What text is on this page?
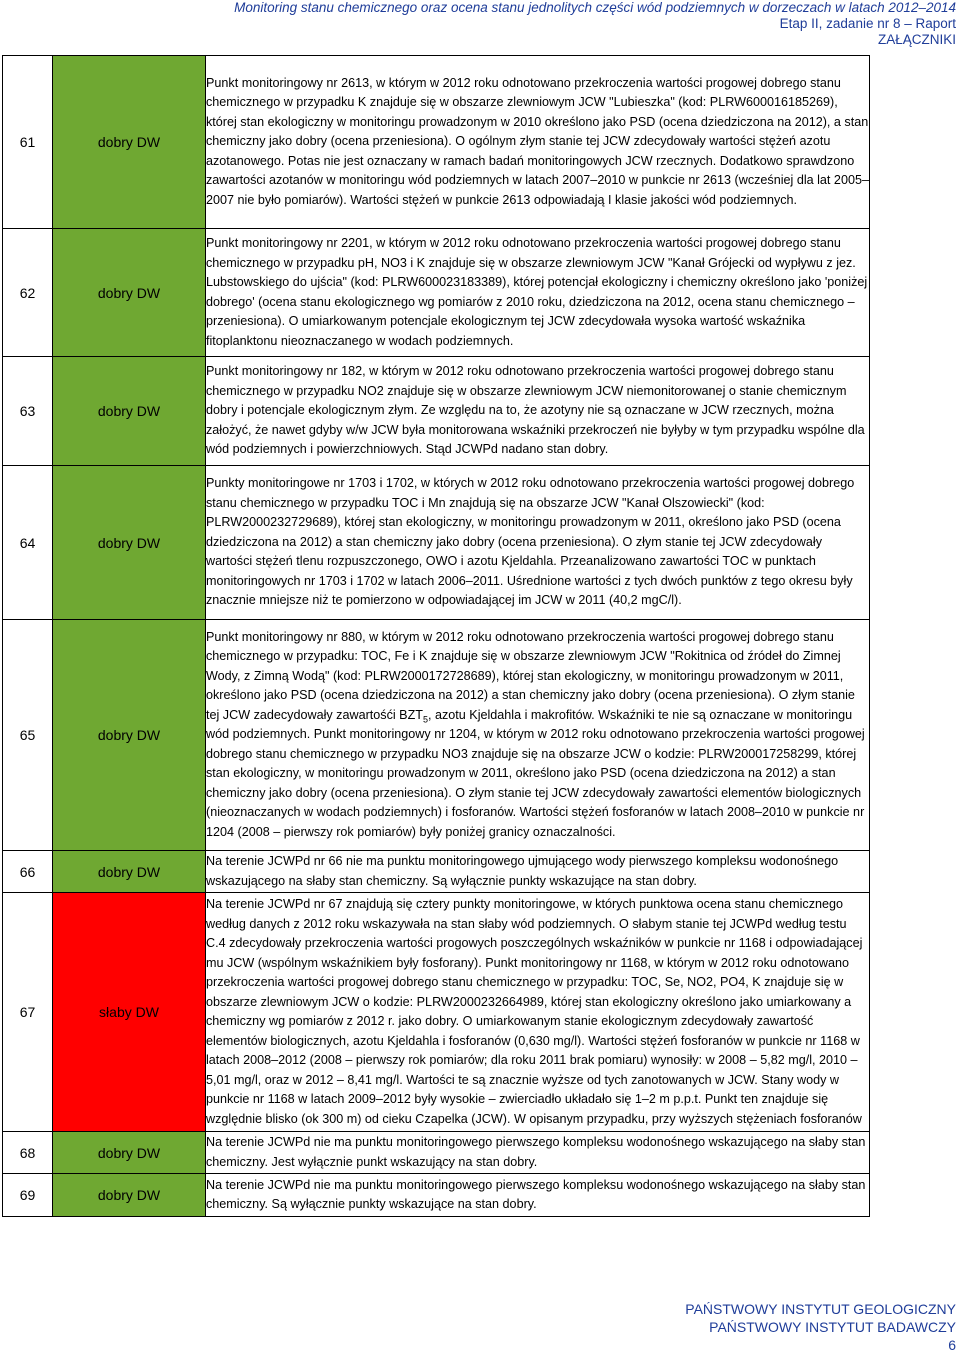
Monitoring stanu chemicznego oraz ocena stanu jednolitych części wód podziemnych w dorzeczach w latach 2012–2014
Etap II, zadanie nr 8 – Raport
ZAŁĄCZNIKI
61	dobry DW	Punkt monitoringowy nr 2613, w którym w 2012 roku odnotowano przekroczenia wartości progowej dobrego stanu chemicznego w przypadku K znajduje się w obszarze zlewniowym JCW "Lubieszka" (kod: PLRW600016185269), której stan ekologiczny w monitoringu prowadzonym w 2010 określono jako PSD (ocena dziedziczona na 2012), a stan chemiczny jako dobry (ocena przeniesiona). O ogólnym złym stanie tej JCW zdecydowały wartości stężeń azotu azotanowego. Potas nie jest oznaczany w ramach badań monitoringowych JCW rzecznych. Dodatkowo sprawdzono zawartości azotanów w monitoringu wód podziemnych w latach 2007–2010 w punkcie nr 2613 (wcześniej dla lat 2005–2007 nie było pomiarów). Wartości stężeń w punkcie 2613 odpowiadają I klasie jakości wód podziemnych.
62	dobry DW	Punkt monitoringowy nr 2201, w którym w 2012 roku odnotowano przekroczenia wartości progowej dobrego stanu chemicznego w przypadku pH, NO3 i K znajduje się w obszarze zlewniowym JCW "Kanał Grójecki od wypływu z jez. Lubstowskiego do ujścia" (kod: PLRW600023183389), której potencjał ekologiczny i chemiczny określono jako 'poniżej dobrego' (ocena stanu ekologicznego wg pomiarów z 2010 roku, dziedziczona na 2012, ocena stanu chemicznego – przeniesiona). O umiarkowanym potencjale ekologicznym tej JCW zdecydowała wysoka wartość wskaźnika fitoplanktonu nieoznaczanego w wodach podziemnych.
63	dobry DW	Punkt monitoringowy nr 182, w którym w 2012 roku odnotowano przekroczenia wartości progowej dobrego stanu chemicznego w przypadku NO2 znajduje się w obszarze zlewniowym JCW niemonitorowanej o stanie chemicznym dobry i potencjale ekologicznym złym. Ze względu na to, że azotyny nie są oznaczane w JCW rzecznych, można założyć, że nawet gdyby w/w JCW była monitorowana wskaźniki przekroczeń nie byłyby w tym przypadku wspólne dla wód podziemnych i powierzchniowych. Stąd JCWPd nadano stan dobry.
64	dobry DW	Punkty monitoringowe nr 1703 i 1702, w których w 2012 roku odnotowano przekroczenia wartości progowej dobrego stanu chemicznego w przypadku TOC i Mn znajdują się na obszarze JCW "Kanał Olszowiecki" (kod: PLRW2000232729689), której stan ekologiczny, w monitoringu prowadzonym w 2011, określono jako PSD (ocena dziedziczona na 2012) a stan chemiczny jako dobry (ocena przeniesiona). O złym stanie tej JCW zdecydowały wartości stężeń tlenu rozpuszczonego, OWO i azotu Kjeldahla. Przeanalizowano zawartości TOC w punktach monitoringowych nr 1703 i 1702 w latach 2006–2011. Uśrednione wartości z tych dwóch punktów z tego okresu były znacznie mniejsze niż te pomierzono w odpowiadającej im JCW w 2011 (40,2 mgC/l).
65	dobry DW	Punkt monitoringowy nr 880, w którym w 2012 roku odnotowano przekroczenia wartości progowej dobrego stanu chemicznego w przypadku: TOC, Fe i K znajduje się w obszarze zlewniowym JCW "Rokitnica od źródeł do Zimnej Wody, z Zimną Wodą" (kod: PLRW2000172728689), której stan ekologiczny, w monitoringu prowadzonym w 2011, określono jako PSD (ocena dziedziczona na 2012) a stan chemiczny jako dobry (ocena przeniesiona). O złym stanie tej JCW zadecydowały zawartośći $BZT_5$, azotu Kjeldahla i makrofitów. Wskaźniki te nie są oznaczane w monitoringu wód podziemnych. Punkt monitoringowy nr 1204, w którym w 2012 roku odnotowano przekroczenia wartości progowej dobrego stanu chemicznego w przypadku NO3 znajduje się na obszarze JCW o kodzie: PLRW200017258299, której stan ekologiczny, w monitoringu prowadzonym w 2011, określono jako PSD (ocena dziedziczona na 2012) a stan chemiczny jako dobry (ocena przeniesiona). O złym stanie tej JCW zdecydowały zawartości elementów biologicznych (nieoznaczanych w wodach podziemnych) i fosforanów. Wartości stężeń fosforanów w latach 2008–2010 w punkcie nr 1204 (2008 – pierwszy rok pomiarów) były poniżej granicy oznaczalności.
66	dobry DW	Na terenie JCWPd nr 66 nie ma punktu monitoringowego ujmującego wody pierwszego kompleksu wodonośnego wskazującego na słaby stan chemiczny. Są wyłącznie punkty wskazujące na stan dobry.
67	słaby DW	Na terenie JCWPd nr 67 znajdują się cztery punkty monitoringowe, w których punktowa ocena stanu chemicznego według danych z 2012 roku wskazywała na stan słaby wód podziemnych. O słabym stanie tej JCWPd według testu C.4 zdecydowały przekroczenia wartości progowych poszczególnych wskaźników w punkcie nr 1168 i odpowiadającej mu JCW (wspólnym wskaźnikiem były fosforany). Punkt monitoringowy nr 1168, w którym w 2012 roku odnotowano przekroczenia wartości progowej dobrego stanu chemicznego w przypadku: TOC, Se, NO2, PO4, K znajduje się w obszarze zlewniowym JCW o kodzie: PLRW2000232664989, której stan ekologiczny określono jako umiarkowany a chemiczny wg pomiarów z 2012 r. jako dobry. O umiarkowanym stanie ekologicznym zdecydowały zawartość elementów biologicznych, azotu Kjeldahla i fosforanów (0,630 mg/l). Wartości stężeń fosforanów w punkcie nr 1168 w latach 2008–2012 (2008 – pierwszy rok pomiarów; dla roku 2011 brak pomiaru) wynosiły: w 2008 – 5,82 mg/l, 2010 – 5,01 mg/l, oraz w 2012 – 8,41 mg/l. Wartości te są znacznie wyższe od tych zanotowanych w JCW. Stany wody w punkcie nr 1168 w latach 2009–2012 były wysokie – zwierciadło układało się 1–2 m p.p.t. Punkt ten znajduje się względnie blisko (ok 300 m) od cieku Czapelka (JCW). W opisanym przypadku, przy wyższych stężeniach fosforanów

68	dobry DW	Na terenie JCWPd nie ma punktu monitoringowego pierwszego kompleksu wodonośnego wskazującego na słaby stan chemiczny. Jest wyłącznie punkt wskazujący na stan dobry.
69	dobry DW	Na terenie JCWPd nie ma punktu monitoringowego pierwszego kompleksu wodonośnego wskazującego na słaby stan chemiczny. Są wyłącznie punkty wskazujące na stan dobry.
PAŃSTWOWY INSTYTUT GEOLOGICZNY
PAŃSTWOWY INSTYTUT BADAWCZY
6
